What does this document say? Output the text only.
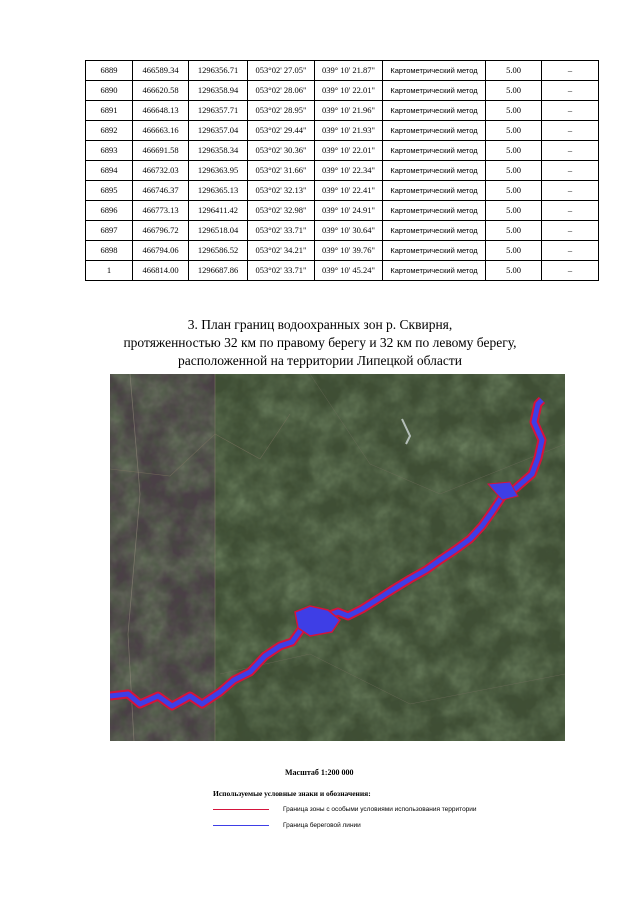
6889	466589.34	1296356.71	053°02' 27.05"	039° 10' 21.87"	Картометрический метод	5.00	–
6890	466620.58	1296358.94	053°02' 28.06"	039° 10' 22.01"	Картометрический метод	5.00	–
6891	466648.13	1296357.71	053°02' 28.95"	039° 10' 21.96"	Картометрический метод	5.00	–
6892	466663.16	1296357.04	053°02' 29.44"	039° 10' 21.93"	Картометрический метод	5.00	–
6893	466691.58	1296358.34	053°02' 30.36"	039° 10' 22.01"	Картометрический метод	5.00	–
6894	466732.03	1296363.95	053°02' 31.66"	039° 10' 22.34"	Картометрический метод	5.00	–
6895	466746.37	1296365.13	053°02' 32.13"	039° 10' 22.41"	Картометрический метод	5.00	–
6896	466773.13	1296411.42	053°02' 32.98"	039° 10' 24.91"	Картометрический метод	5.00	–
6897	466796.72	1296518.04	053°02' 33.71"	039° 10' 30.64"	Картометрический метод	5.00	–
6898	466794.06	1296586.52	053°02' 34.21"	039° 10' 39.76"	Картометрический метод	5.00	–
1	466814.00	1296687.86	053°02' 33.71"	039° 10' 45.24"	Картометрический метод	5.00	–
3. План границ водоохранных зон р. Сквирня,
протяженностью 32 км по правому берегу и 32 км по левому берегу,
расположенной на территории Липецкой области
Масштаб 1:200 000
Используемые условные знаки и обозначения:
Граница зоны с особыми условиями использования территории
Граница береговой линии
